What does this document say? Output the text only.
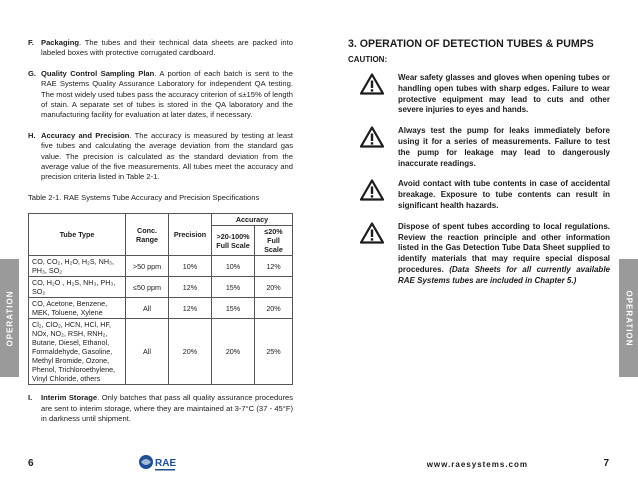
OPERATION	OPERATION
F. Packaging. The tubes and their technical data sheets are packed into labeled boxes with protective corrugated cardboard.
G. Quality Control Sampling Plan. A portion of each batch is sent to the RAE Systems Quality Assurance Laboratory for independent QA testing. The most widely used tubes pass the accuracy criterion of ≤±15% of length of stain. A separate set of tubes is stored in the QA laboratory and the manufacturing facility for evaluation at later dates, if necessary.
H. Accuracy and Precision. The accuracy is measured by testing at least five tubes and calculating the average deviation from the standard gas value. The precision is calculated as the standard deviation from the average value of the five measurements. All tubes meet the accuracy and precision criteria listed in Table 2-1.
Table 2-1. RAE Systems Tube Accuracy and Precision Specifications
Tube Type	Conc. Range	Precision	Accuracy	
			>20-100% Full Scale	≤20% Full Scale
CO, CO₂, H₂O, H₂S, NH₃, PH₃, SO₂	>50 ppm	10%	10%	12%
CO, H₂O , H₂S, NH₃, PH₃, SO₂	≤50 ppm	12%	15%	20%
CO, Acetone, Benzene, MEK, Toluene, Xylene	All	12%	15%	20%
Cl₂, ClO₂, HCN, HCl, HF, NOx, NO₂, RSH, RNH₂, Butane, Diesel, Ethanol, Formaldehyde, Gasoline, Methyl Bromide, Ozone, Phenol, Trichloroethylene, Vinyl Chloride, others	All	20%	20%	25%
I.	Interim Storage. Only batches that pass all quality assurance procedures are sent to interim storage, where they are maintained at 3-7°C (37 - 45°F) in darkness until shipment.
3. OPERATION OF DETECTION TUBES & PUMPS
CAUTION:
Wear safety glasses and gloves when opening tubes or handling open tubes with sharp edges. Failure to wear protective equipment may lead to cuts and other severe injuries to eyes and hands.
Always test the pump for leaks immediately before using it for a series of measurements. Failure to test the pump for leakage may lead to dangerously inaccurate readings.
Avoid contact with tube contents in case of accidental breakage. Exposure to tube contents can result in significant health hazards.
Dispose of spent tubes according to local regulations. Review the reaction principle and other information listed in the Gas Detection Tube Data Sheet supplied to identify materials that may require special disposal procedures. (Data Sheets for all currently available RAE Systems tubes are included in Chapter 5.)
6	RAE	www.raesystems.com	7
